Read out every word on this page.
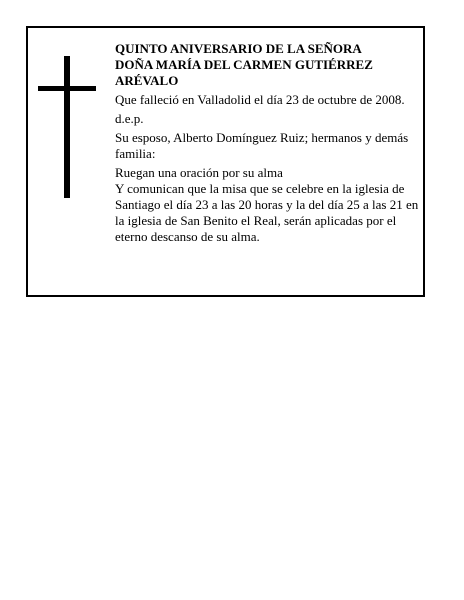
QUINTO ANIVERSARIO DE LA SEÑORA
DOÑA MARÍA DEL CARMEN GUTIÉRREZ
ARÉVALO

Que falleció en Valladolid el día 23 de octubre de 2008.

d.e.p.

Su esposo, Alberto Domínguez Ruiz; hermanos y demás familia:

Ruegan una oración por su alma

Y comunican que la misa que se celebre en la iglesia de Santiago el día 23 a las 20 horas y la del día 25 a las 21 en la iglesia de San Benito el Real, serán aplicadas por el eterno descanso de su alma.
